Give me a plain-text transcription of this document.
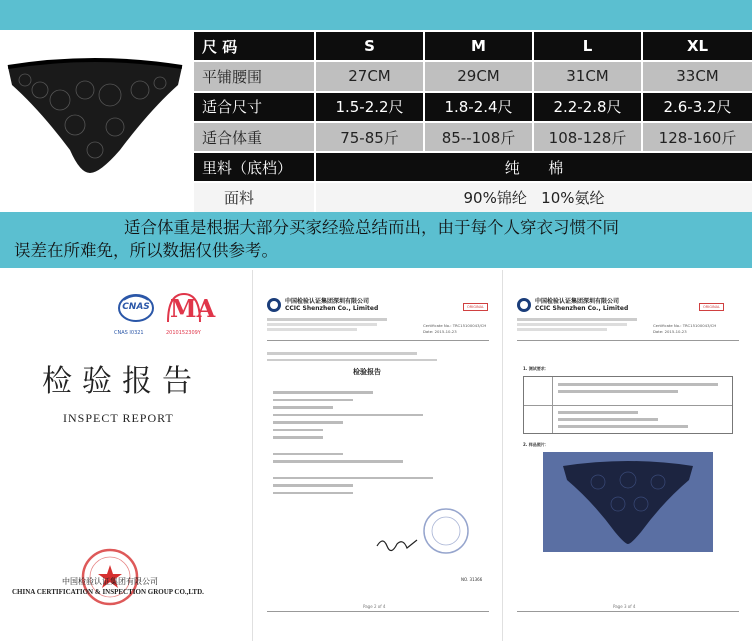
尺 码	S	M	L	XL
平铺腰围	27CM	29CM	31CM	33CM
适合尺寸	1.5-2.2尺	1.8-2.4尺	2.2-2.8尺	2.6-3.2尺
适合体重	75-85斤	85--108斤	108-128斤	128-160斤
里料（底档）	纯      棉			
面料	90%锦纶   10%氨纶			

适合体重是根据大部分买家经验总结而出，由于每个人穿衣习惯不同

误差在所难免，所以数据仅供参考。

CNAS
CNAS I0321
MA
2010152309Y
检验报告
INSPECT REPORT
中国检验认证集团有限公司
CHINA CERTIFICATION & INSPECTION GROUP CO.,LTD.
中国检验认证集团深圳有限公司
CCIC Shenzhen Co., Limited	ORIGINAL
Certificate No.: TRC15100043/CH
Date: 2015-10-23
检验报告
NO. 31366
Page 2 of 4
中国检验认证集团深圳有限公司
CCIC Shenzhen Co., Limited	ORIGINAL
Certificate No.: TRC15100043/CH
Date: 2015-10-23
1. 测试要求：
2. 样品照片：
Page 3 of 4
